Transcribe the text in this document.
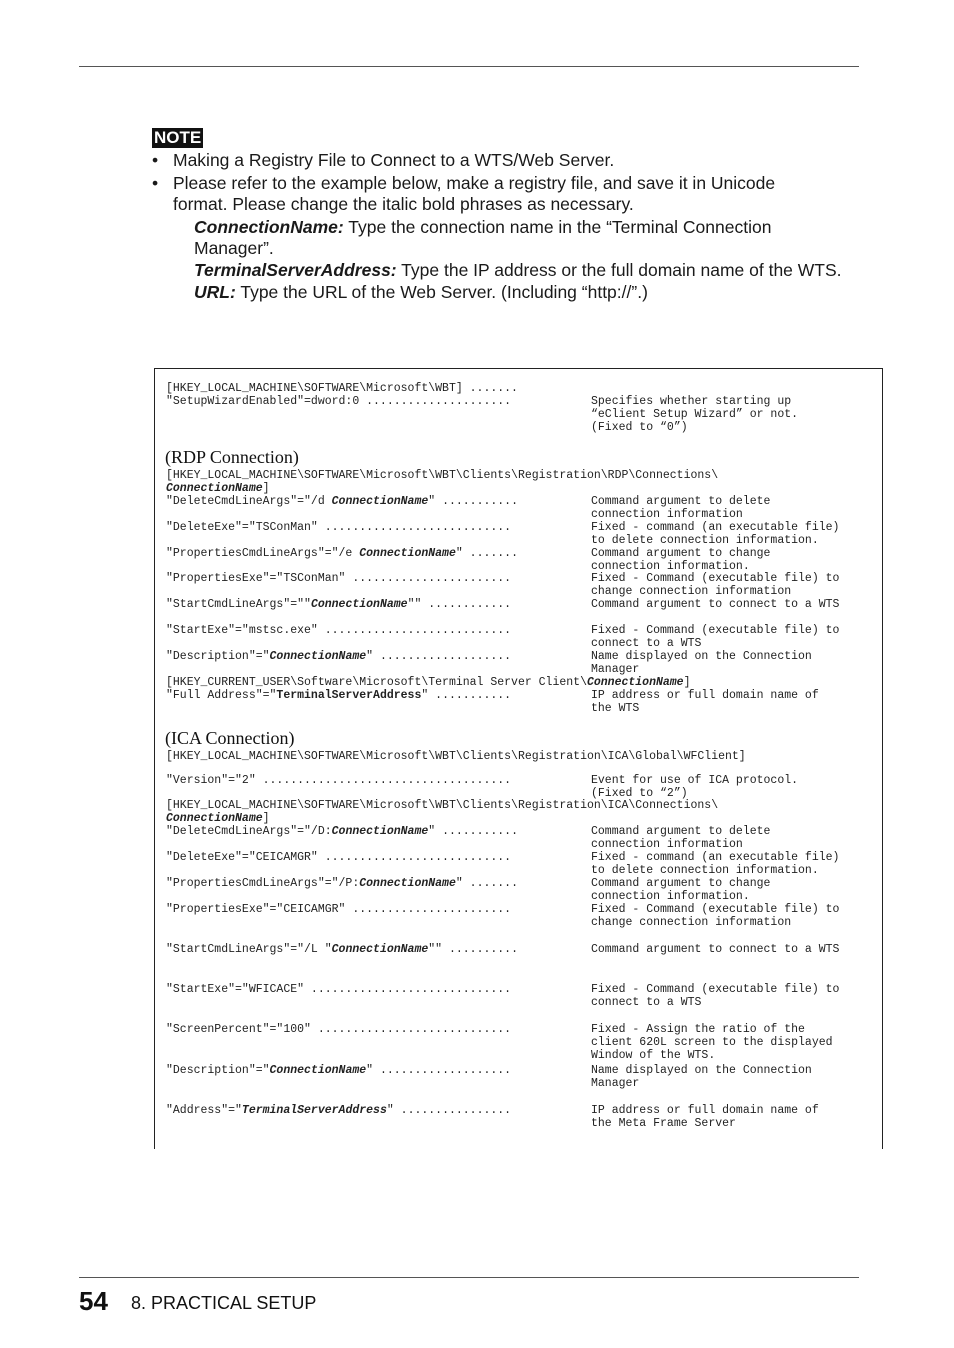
NOTE
• Making a Registry File to Connect to a WTS/Web Server.
• Please refer to the example below, make a registry file, and save it in Unicode format. Please change the italic bold phrases as necessary.

ConnectionName: Type the connection name in the “Terminal Connection Manager”.

TerminalServerAddress: Type the IP address or the full domain name of the WTS.

URL: Type the URL of the Web Server. (Including “http://”.)

[HKEY_LOCAL_MACHINE\SOFTWARE\Microsoft\WBT] .......
"SetupWizardEnabled"=dword:0 .....................	Specifies whether starting up
“eClient Setup Wizard” or not.
(Fixed to “0”)
(RDP Connection)
[HKEY_LOCAL_MACHINE\SOFTWARE\Microsoft\WBT\Clients\Registration\RDP\Connections\
ConnectionName]
"DeleteCmdLineArgs"="/d ConnectionName" ...........	Command argument to delete
connection information
"DeleteExe"="TSConMan" ...........................	Fixed - command (an executable file)
to delete connection information.
"PropertiesCmdLineArgs"="/e ConnectionName" .......	Command argument to change
connection information.
"PropertiesExe"="TSConMan" .......................	Fixed - Command (executable file) to
change connection information
"StartCmdLineArgs"=""ConnectionName"" ............	Command argument to connect to a WTS
"StartExe"="mstsc.exe" ...........................	Fixed - Command (executable file) to
connect to a WTS
"Description"="ConnectionName" ...................	Name displayed on the Connection
Manager
[HKEY_CURRENT_USER\Software\Microsoft\Terminal Server Client\ConnectionName]
"Full Address"="TerminalServerAddress" ...........	IP address or full domain name of
the WTS
(ICA Connection)
[HKEY_LOCAL_MACHINE\SOFTWARE\Microsoft\WBT\Clients\Registration\ICA\Global\WFClient]
"Version"="2" ....................................	Event for use of ICA protocol.
(Fixed to “2”)
[HKEY_LOCAL_MACHINE\SOFTWARE\Microsoft\WBT\Clients\Registration\ICA\Connections\
ConnectionName]
"DeleteCmdLineArgs"="/D:ConnectionName" ...........	Command argument to delete
connection information
"DeleteExe"="CEICAMGR" ...........................	Fixed - command (an executable file)
to delete connection information.
"PropertiesCmdLineArgs"="/P:ConnectionName" .......	Command argument to change
connection information.
"PropertiesExe"="CEICAMGR" .......................	Fixed - Command (executable file) to
change connection information
"StartCmdLineArgs"="/L "ConnectionName"" ..........	Command argument to connect to a WTS
"StartExe"="WFICACE" .............................	Fixed - Command (executable file) to
connect to a WTS
"ScreenPercent"="100" ............................	Fixed - Assign the ratio of the
client 620L screen to the displayed
Window of the WTS.
"Description"="ConnectionName" ...................	Name displayed on the Connection
Manager
"Address"="TerminalServerAddress" ................	IP address or full domain name of
the Meta Frame Server
54 8. PRACTICAL SETUP
